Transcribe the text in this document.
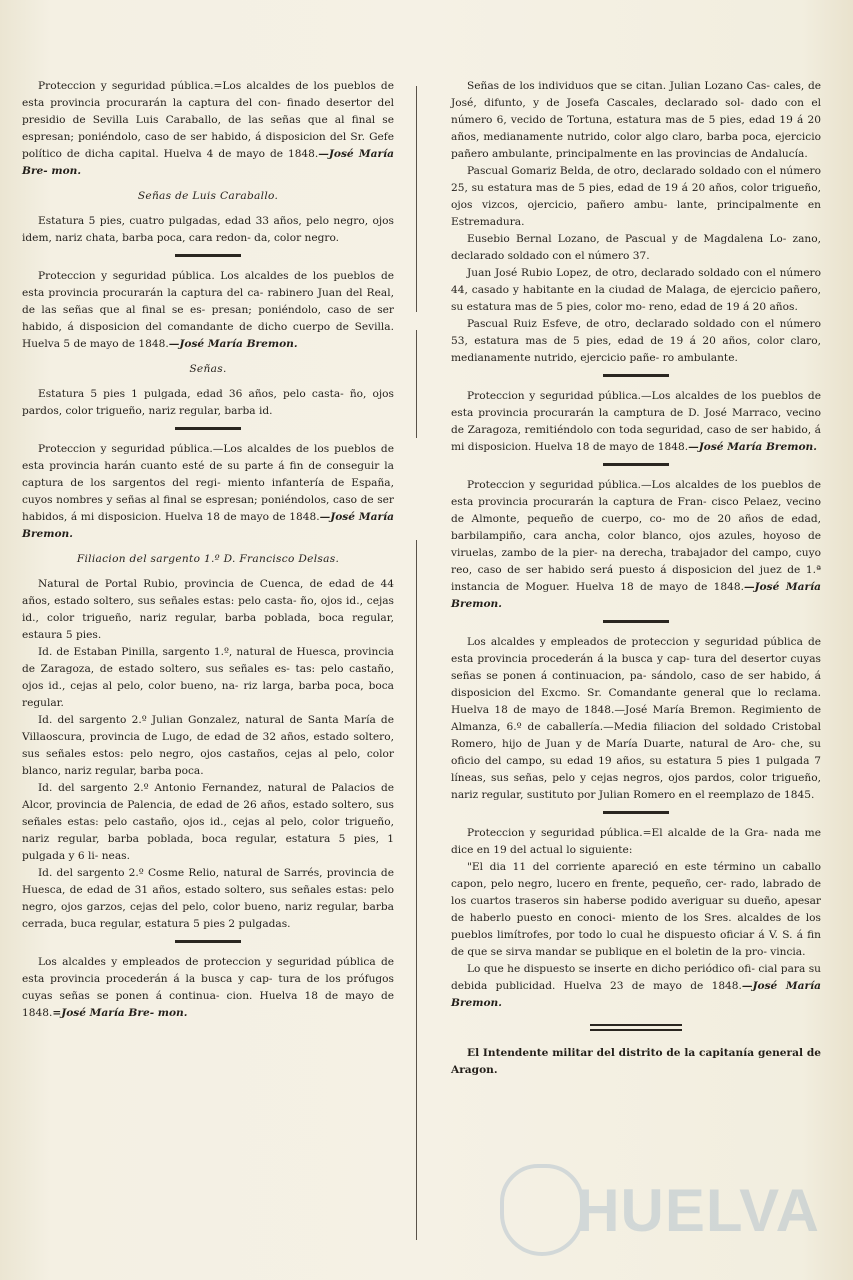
Proteccion y seguridad pública.=Los alcaldes de los pueblos de esta provincia procurarán la captura del con- finado desertor del presidio de Sevilla Luis Caraballo, de las señas que al final se espresan; poniéndolo, caso de ser habido, á disposicion del Sr. Gefe político de dicha capital. Huelva 4 de mayo de 1848.—José María Bre- mon.

Señas de Luis Caraballo.

Estatura 5 pies, cuatro pulgadas, edad 33 años, pelo negro, ojos idem, nariz chata, barba poca, cara redon- da, color negro.

Proteccion y seguridad pública. Los alcaldes de los pueblos de esta provincia procurarán la captura del ca- rabinero Juan del Real, de las señas que al final se es- presan; poniéndolo, caso de ser habido, á disposicion del comandante de dicho cuerpo de Sevilla. Huelva 5 de mayo de 1848.—José María Bremon.

Señas.

Estatura 5 pies 1 pulgada, edad 36 años, pelo casta- ño, ojos pardos, color trigueño, nariz regular, barba id.

Proteccion y seguridad pública.—Los alcaldes de los pueblos de esta provincia harán cuanto esté de su parte á fin de conseguir la captura de los sargentos del regi- miento infantería de España, cuyos nombres y señas al final se espresan; poniéndolos, caso de ser habidos, á mi disposicion. Huelva 18 de mayo de 1848.—José María Bremon.

Filiacion del sargento 1.º D. Francisco Delsas.

Natural de Portal Rubio, provincia de Cuenca, de edad de 44 años, estado soltero, sus señales estas: pelo casta- ño, ojos id., cejas id., color trigueño, nariz regular, barba poblada, boca regular, estaura 5 pies.

Id. de Estaban Pinilla, sargento 1.º, natural de Huesca, provincia de Zaragoza, de estado soltero, sus señales es- tas: pelo castaño, ojos id., cejas al pelo, color bueno, na- riz larga, barba poca, boca regular.

Id. del sargento 2.º Julian Gonzalez, natural de Santa María de Villaoscura, provincia de Lugo, de edad de 32 años, estado soltero, sus señales estos: pelo negro, ojos castaños, cejas al pelo, color blanco, nariz regular, barba poca.

Id. del sargento 2.º Antonio Fernandez, natural de Palacios de Alcor, provincia de Palencia, de edad de 26 años, estado soltero, sus señales estas: pelo castaño, ojos id., cejas al pelo, color trigueño, nariz regular, barba poblada, boca regular, estatura 5 pies, 1 pulgada y 6 li- neas.

Id. del sargento 2.º Cosme Relio, natural de Sarrés, provincia de Huesca, de edad de 31 años, estado soltero, sus señales estas: pelo negro, ojos garzos, cejas del pelo, color bueno, nariz regular, barba cerrada, buca regular, estatura 5 pies 2 pulgadas.

Los alcaldes y empleados de proteccion y seguridad pública de esta provincia procederán á la busca y cap- tura de los prófugos cuyas señas se ponen á continua- cion. Huelva 18 de mayo de 1848.=José María Bre- mon.

Señas de los individuos que se citan. Julian Lozano Cas- cales, de José, difunto, y de Josefa Cascales, declarado sol- dado con el número 6, vecido de Tortuna, estatura mas de 5 pies, edad 19 á 20 años, medianamente nutrido, color algo claro, barba poca, ejercicio pañero ambulante, principalmente en las provincias de Andalucía.

Pascual Gomariz Belda, de otro, declarado soldado con el número 25, su estatura mas de 5 pies, edad de 19 á 20 años, color trigueño, ojos vizcos, ojercicio, pañero ambu- lante, principalmente en Estremadura.

Eusebio Bernal Lozano, de Pascual y de Magdalena Lo- zano, declarado soldado con el número 37.

Juan José Rubio Lopez, de otro, declarado soldado con el número 44, casado y habitante en la ciudad de Malaga, de ejercicio pañero, su estatura mas de 5 pies, color mo- reno, edad de 19 á 20 años.

Pascual Ruiz Esfeve, de otro, declarado soldado con el número 53, estatura mas de 5 pies, edad de 19 á 20 años, color claro, medianamente nutrido, ejercicio pañe- ro ambulante.

Proteccion y seguridad pública.—Los alcaldes de los pueblos de esta provincia procurarán la camptura de D. José Marraco, vecino de Zaragoza, remitiéndolo con toda seguridad, caso de ser habido, á mi disposicion. Huelva 18 de mayo de 1848.—José María Bremon.

Proteccion y seguridad pública.—Los alcaldes de los pueblos de esta provincia procurarán la captura de Fran- cisco Pelaez, vecino de Almonte, pequeño de cuerpo, co- mo de 20 años de edad, barbilampiño, cara ancha, color blanco, ojos azules, hoyoso de viruelas, zambo de la pier- na derecha, trabajador del campo, cuyo reo, caso de ser habido será puesto á disposicion del juez de 1.ª instancia de Moguer. Huelva 18 de mayo de 1848.—José María Bremon.

Los alcaldes y empleados de proteccion y seguridad pública de esta provincia procederán á la busca y cap- tura del desertor cuyas señas se ponen á continuacion, pa- sándolo, caso de ser habido, á disposicion del Excmo. Sr. Comandante general que lo reclama. Huelva 18 de mayo de 1848.—José María Bremon. Regimiento de Almanza, 6.º de caballería.—Media filiacion del soldado Cristobal Romero, hijo de Juan y de María Duarte, natural de Aro- che, su oficio del campo, su edad 19 años, su estatura 5 pies 1 pulgada 7 líneas, sus señas, pelo y cejas negros, ojos pardos, color trigueño, nariz regular, sustituto por Julian Romero en el reemplazo de 1845.

Proteccion y seguridad pública.=El alcalde de la Gra- nada me dice en 19 del actual lo siguiente:

"El dia 11 del corriente apareció en este término un caballo capon, pelo negro, lucero en frente, pequeño, cer- rado, labrado de los cuartos traseros sin haberse podido averiguar su dueño, apesar de haberlo puesto en conoci- miento de los Sres. alcaldes de los pueblos limítrofes, por todo lo cual he dispuesto oficiar á V. S. á fin de que se sirva mandar se publique en el boletin de la pro- vincia.

Lo que he dispuesto se inserte en dicho periódico ofi- cial para su debida publicidad. Huelva 23 de mayo de 1848.—José María Bremon.

El Intendente militar del distrito de la capitanía general de Aragon.

HUELVA
